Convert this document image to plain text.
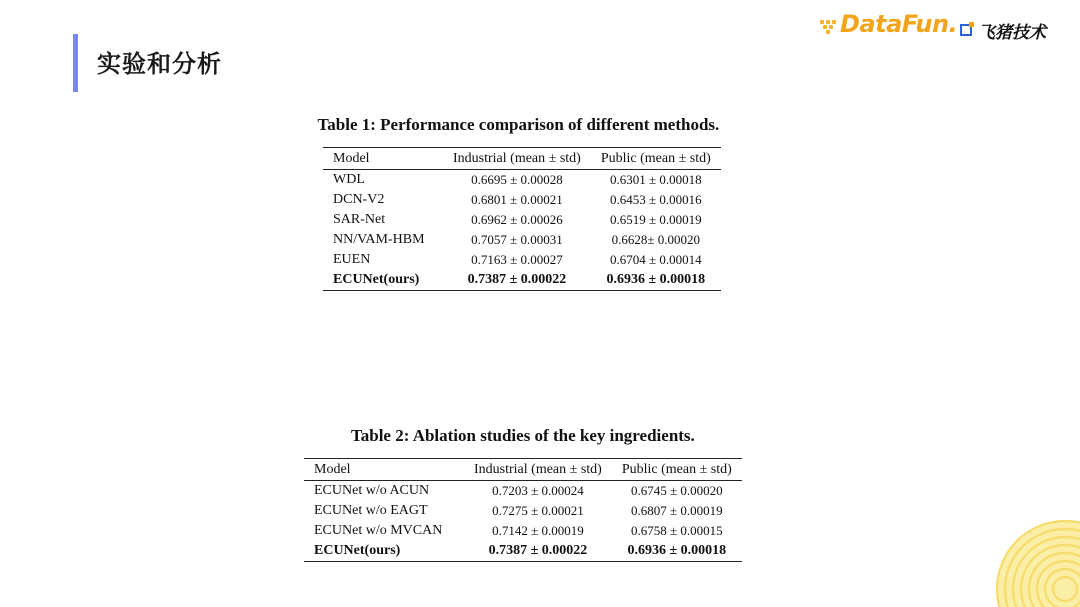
实验和分析
DataFun. 飞猪技术
Table 1: Performance comparison of different methods.
Model	Industrial (mean ± std)	Public (mean ± std)
WDL	0.6695 ± 0.00028	0.6301 ± 0.00018
DCN-V2	0.6801 ± 0.00021	0.6453 ± 0.00016
SAR-Net	0.6962 ± 0.00026	0.6519 ± 0.00019
NN/VAM-HBM	0.7057 ± 0.00031	0.6628± 0.00020
EUEN	0.7163 ± 0.00027	0.6704 ± 0.00014
ECUNet(ours)	0.7387 ± 0.00022	0.6936 ± 0.00018
Table 2: Ablation studies of the key ingredients.
Model	Industrial (mean ± std)	Public (mean ± std)
ECUNet w/o ACUN	0.7203 ± 0.00024	0.6745 ± 0.00020
ECUNet w/o EAGT	0.7275 ± 0.00021	0.6807 ± 0.00019
ECUNet w/o MVCAN	0.7142 ± 0.00019	0.6758 ± 0.00015
ECUNet(ours)	0.7387 ± 0.00022	0.6936 ± 0.00018
